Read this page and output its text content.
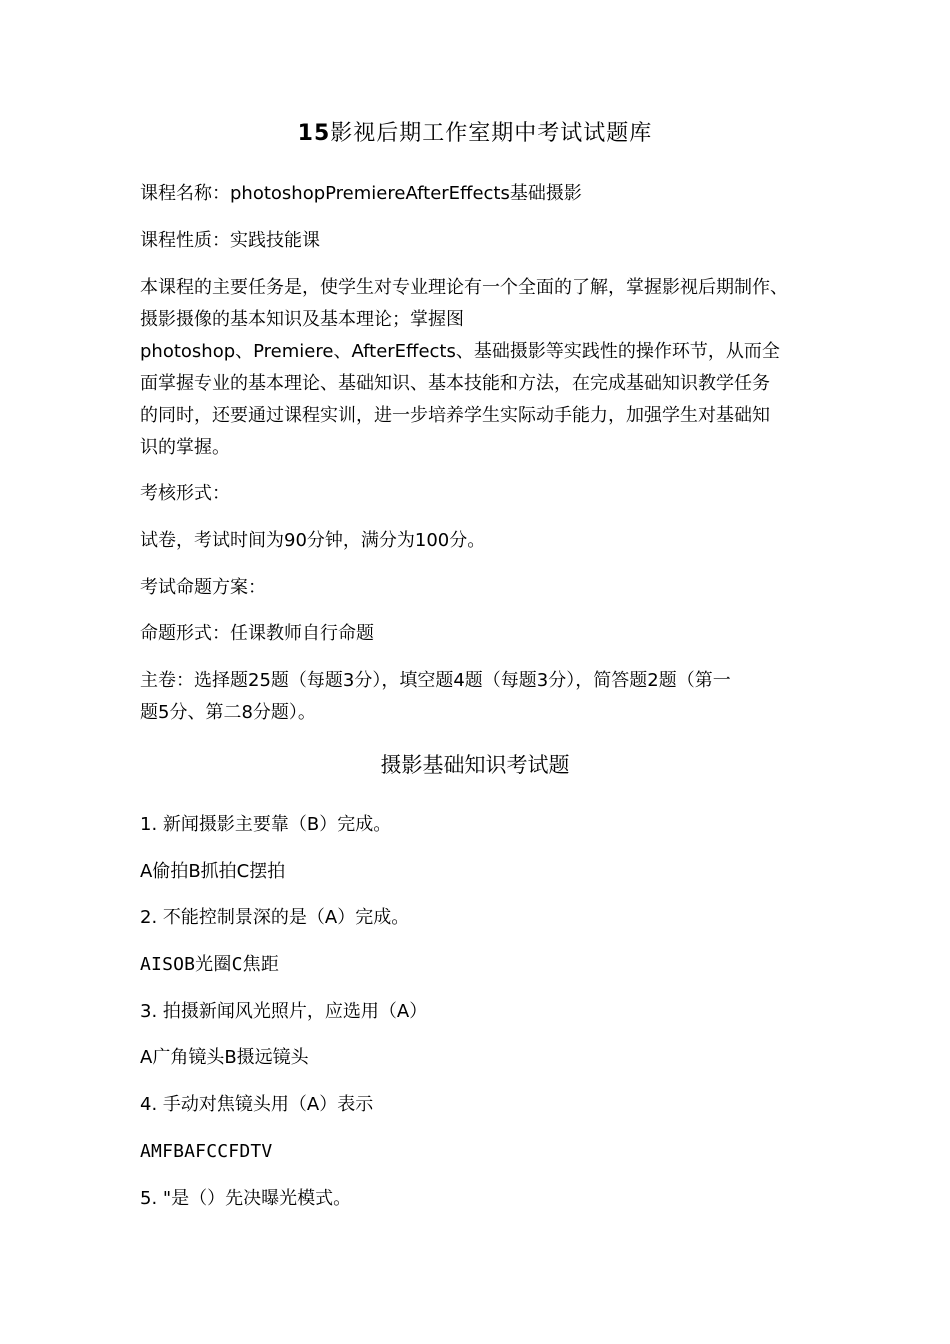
15影视后期工作室期中考试试题库
课程名称：photoshopPremiereAfterEffects基础摄影
课程性质：实践技能课
本课程的主要任务是，使学生对专业理论有一个全面的了解，掌握影视后期制作、
摄影摄像的基本知识及基本理论；掌握图
photoshop、Premiere、AfterEffects、基础摄影等实践性的操作环节，从而全
面掌握专业的基本理论、基础知识、基本技能和方法，在完成基础知识教学任务
的同时，还要通过课程实训，进一步培养学生实际动手能力，加强学生对基础知
识的掌握。
考核形式：
试卷，考试时间为90分钟，满分为100分。
考试命题方案：
命题形式：任课教师自行命题
主卷：选择题25题（每题3分），填空题4题（每题3分），简答题2题（第一
题5分、第二8分题）。
摄影基础知识考试题
1. 新闻摄影主要靠（B）完成。
A偷拍B抓拍C摆拍
2. 不能控制景深的是（A）完成。
AISOB光圈C焦距
3. 拍摄新闻风光照片，应选用（A）
A广角镜头B摄远镜头
4. 手动对焦镜头用（A）表示
AMFBAFCCFDTV
5. "是（）先决曝光模式。
